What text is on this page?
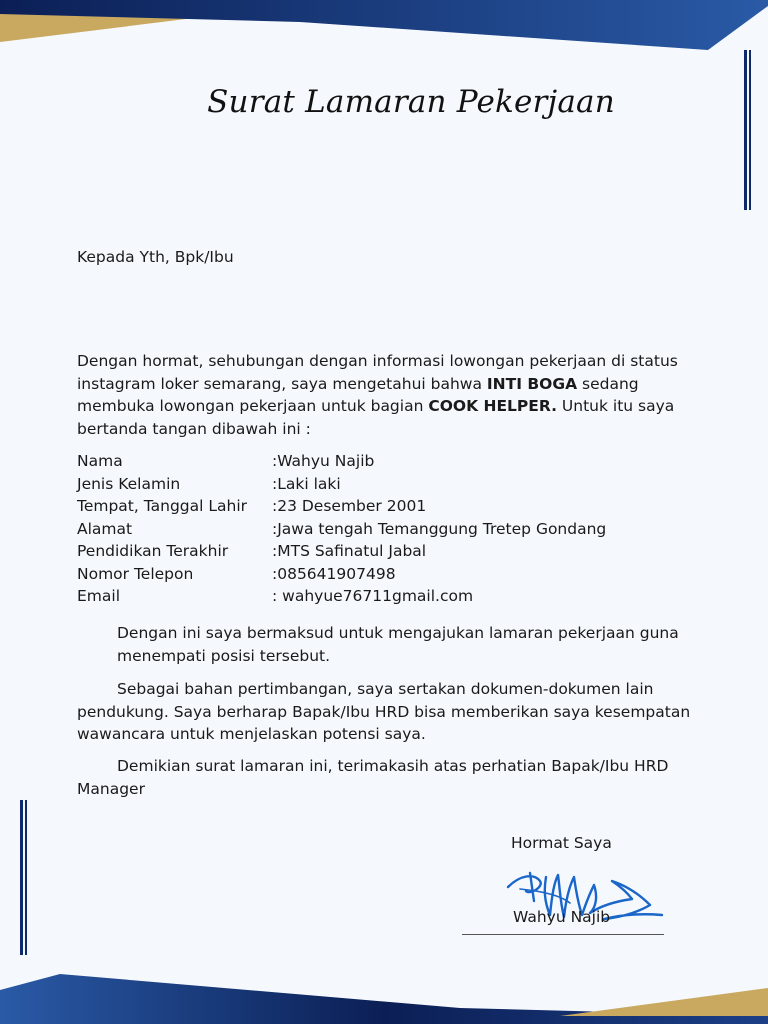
Surat Lamaran Pekerjaan
Kepada Yth, Bpk/Ibu
Dengan hormat, sehubungan dengan informasi lowongan pekerjaan di status instagram loker semarang, saya mengetahui bahwa INTI BOGA sedang membuka lowongan pekerjaan untuk bagian COOK HELPER. Untuk itu saya bertanda tangan dibawah ini :
Nama	:Wahyu Najib
Jenis Kelamin	:Laki laki
Tempat, Tanggal Lahir :23 Desember 2001
Alamat	:Jawa tengah Temanggung Tretep Gondang
Pendidikan Terakhir	:MTS Safinatul Jabal
Nomor Telepon	:085641907498
Email	: wahyue76711gmail.com
Dengan ini saya bermaksud untuk mengajukan lamaran pekerjaan guna menempati posisi tersebut.
Sebagai bahan pertimbangan, saya sertakan dokumen-dokumen lain pendukung. Saya berharap Bapak/Ibu HRD bisa memberikan saya kesempatan wawancara untuk menjelaskan potensi saya.
Demikian surat lamaran ini, terimakasih atas perhatian Bapak/Ibu HRD Manager
Hormat Saya
Wahyu Najib
